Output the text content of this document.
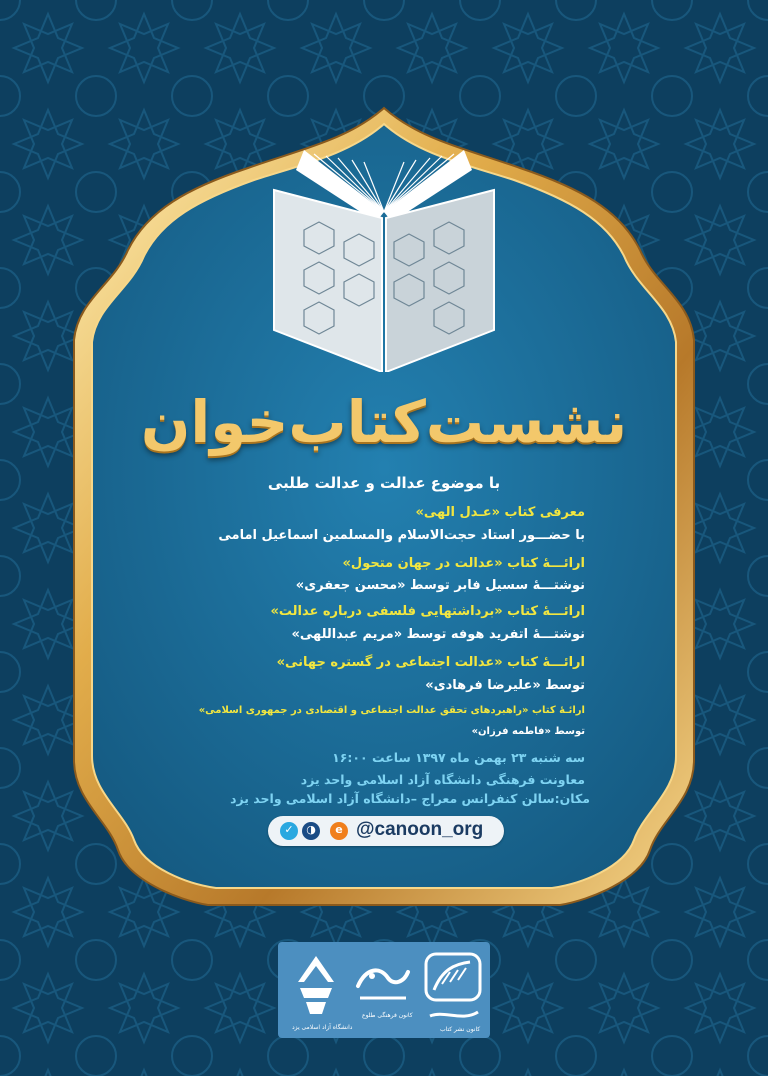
نشست‌کتاب‌خوان
با موضوع عدالت و عدالت طلبی
معرفی کتاب «عـدل الهی»
با حضـــور استاد حجت‌الاسلام والمسلمین اسماعیل امامی
ارائـــهٔ کتاب «عدالت در جهان متحول»
نوشتـــهٔ سسیل فابر توسط «محسن جعفری»
ارائـــهٔ کتاب «برداشتهایی فلسفی درباره عدالت»
نوشتـــهٔ اتفرید هوفه توسط «مریم عبداللهی»
ارائـــهٔ کتاب «عدالت اجتماعی در گستره جهانی»
توسط «علیرضا فرهادی»
ارائـهٔ کتاب «راهبردهای تحقق عدالت اجتماعی و اقتصادی در جمهوری اسلامی»
توسط «فاطمه فرزان»
سه شنبه ۲۳ بهمن ماه ۱۳۹۷ ساعت ۱۶:۰۰
معاونت فرهنگی دانشگاه آزاد اسلامی واحد یزد
مکان:سالن کنفرانس معراج –دانشگاه آزاد اسلامی واحد یزد
✓	◑	e @canoon_org
دانشگاه آزاد اسلامی یزد
کانون فرهنگی طلوع
کانون نشر کتاب
